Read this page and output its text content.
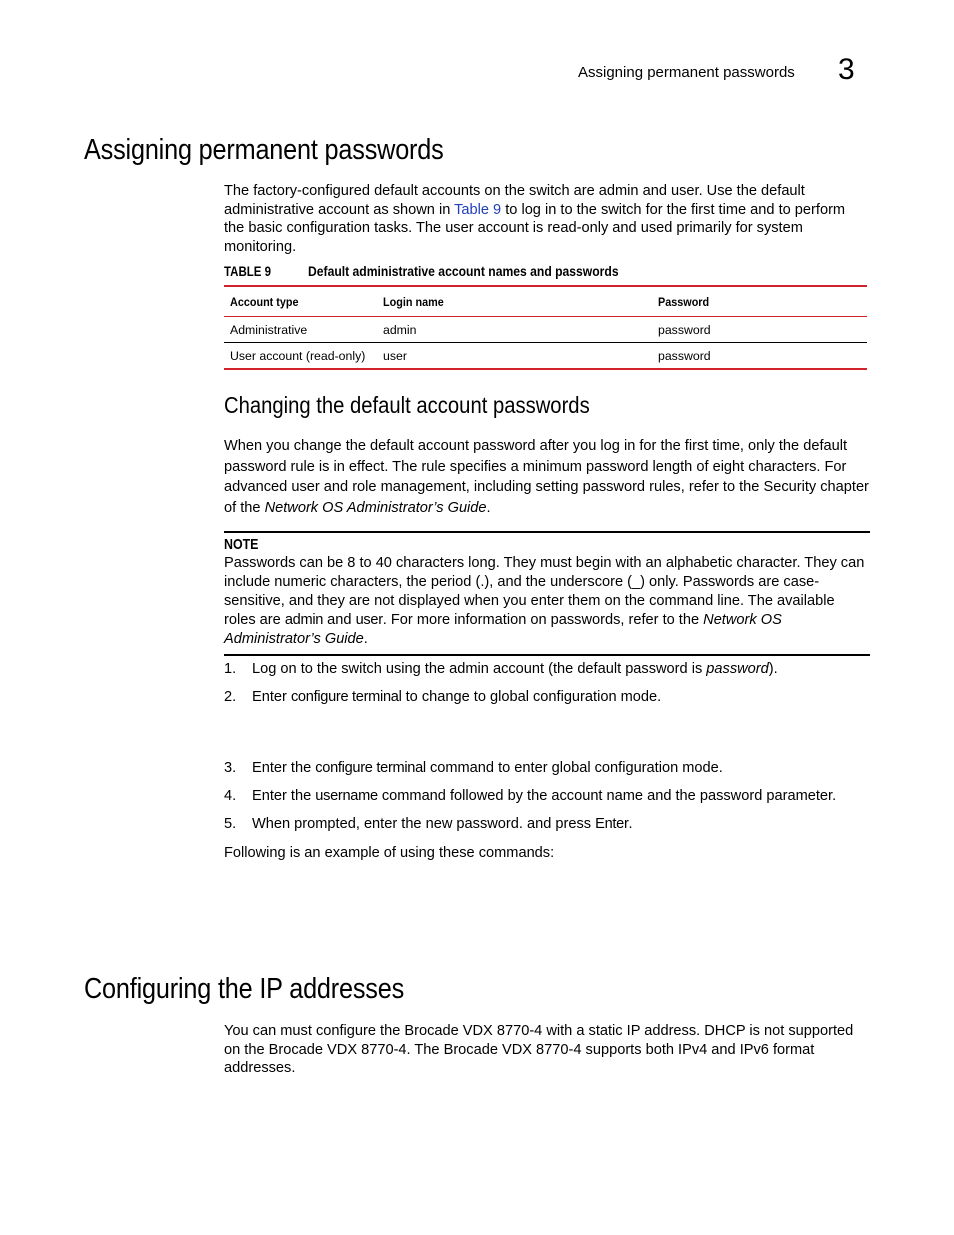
Assigning permanent passwords 3
Assigning permanent passwords

The factory-configured default accounts on the switch are admin and user. Use the default administrative account as shown in Table 9 to log in to the switch for the first time and to perform the basic configuration tasks. The user account is read-only and used primarily for system monitoring.

TABLE 9	Default administrative account names and passwords
Account type	Login name	Password
Administrative	admin	password
User account (read-only)	user	password
Changing the default account passwords

When you change the default account password after you log in for the first time, only the default password rule is in effect. The rule specifies a minimum password length of eight characters. For advanced user and role management, including setting password rules, refer to the Security chapter of the Network OS Administrator’s Guide.

NOTE

Passwords can be 8 to 40 characters long. They must begin with an alphabetic character. They can include numeric characters, the period (.), and the underscore (_) only. Passwords are case-sensitive, and they are not displayed when you enter them on the command line. The available roles are admin and user. For more information on passwords, refer to the Network OS Administrator’s Guide.

1. Log on to the switch using the admin account (the default password is password).
2. Enter configure terminal to change to global configuration mode.
3. Enter the configure terminal command to enter global configuration mode.
4. Enter the username command followed by the account name and the password parameter.
5. When prompted, enter the new password. and press Enter.

Following is an example of using these commands:

Configuring the IP addresses

You can must configure the Brocade VDX 8770-4 with a static IP address. DHCP is not supported on the Brocade VDX 8770-4. The Brocade VDX 8770-4 supports both IPv4 and IPv6 format addresses.
